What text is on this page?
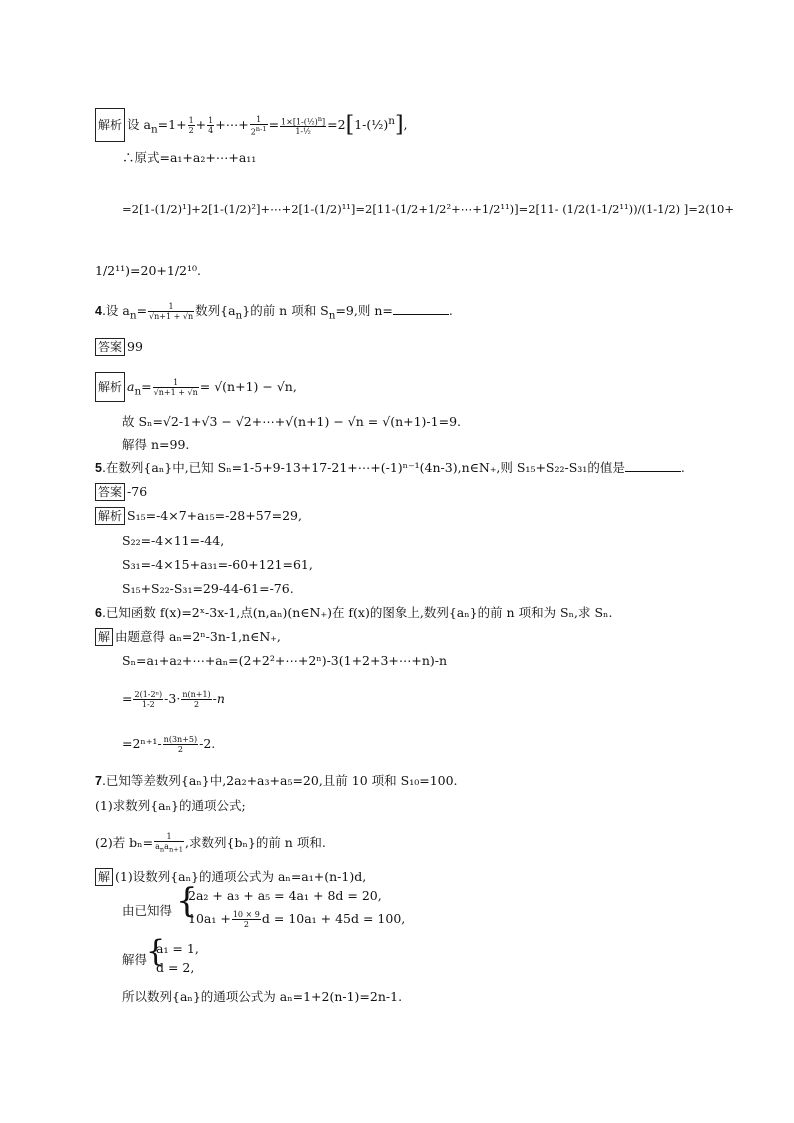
解析 设 $a_n=1+ \frac{1}{2} + \frac{1}{4}$ +⋯+ $\frac{1}{2^{n-1}} = \frac{1\times[1-(\frac{1}{2})^n]}{\text{1-½}}$ =2[1-(½)$^n$],
∴原式=a₁+a₂+⋯+a₁₁
=2[1-(1/2)¹]+2[1-(1/2)²]+⋯+2[1-(1/2)¹¹]=2[11-(1/2+1/2²+⋯+1/2¹¹)]=2[11- (1/2(1-1/2¹¹))/(1-1/2) ]=2(10+
1/2¹¹)=20+1/2¹⁰.
4.设 $a_n= \frac{1}{√n+1 + √n}$ 数列$\{a_n\}$的前 n 项和 $S_n=9$,则 n=	.
答案 99
解析 $a_n= \frac{1}{√n+1 + √n} = √(n+1) - √n$,
故 Sₙ=√2-1+√3 − √2+⋯+√(n+1) − √n = √(n+1)-1=9.
解得 n=99.
5.在数列{aₙ}中,已知 Sₙ=1-5+9-13+17-21+⋯+(-1)ⁿ⁻¹(4n-3),n∈N₊,则 S₁₅+S₂₂-S₃₁的值是	.
答案 -76
解析 S₁₅=-4×7+a₁₅=-28+57=29,
S₂₂=-4×11=-44,
S₃₁=-4×15+a₃₁=-60+121=61,
S₁₅+S₂₂-S₃₁=29-44-61=-76.
6.已知函数 f(x)=2ˣ-3x-1,点(n,aₙ)(n∈N₊)在 f(x)的图象上,数列{aₙ}的前 n 项和为 Sₙ,求 Sₙ.
解 由题意得 aₙ=2ⁿ-3n-1,n∈N₊,
Sₙ=a₁+a₂+⋯+aₙ=(2+2²+⋯+2ⁿ)-3(1+2+3+⋯+n)-n
= $\frac{\text{2(1-2ⁿ)}}{1-2} -3\cdot \frac{n(n+1)}{2} -n$
$=2^{n+1}- \frac{n(3n+5)}{2} -2$.
7.已知等差数列{aₙ}中,2a₂+a₃+a₅=20,且前 10 项和 S₁₀=100.
(1)求数列{aₙ}的通项公式;
(2)若 $b_n= \frac{1}{a_na_{n+1}}$ ,求数列{bₙ}的前 n 项和.
解 (1)设数列{aₙ}的通项公式为 aₙ=a₁+(n-1)d,
由已知得 {
2a₂ + a₃ + a₅ = 4a₁ + 8d = 20,
$10a_1 + \frac{10 \times 9}{2}$ d = 10a₁ + 45d = 100,
解得
{
a₁ = 1,
d = 2,
所以数列{aₙ}的通项公式为 aₙ=1+2(n-1)=2n-1.
